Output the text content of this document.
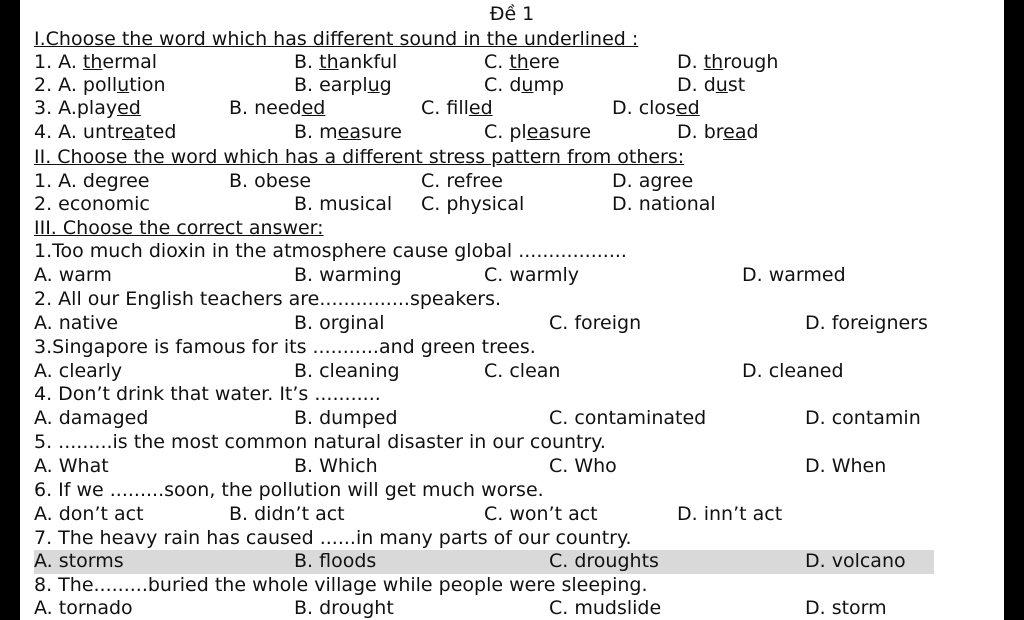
Đề 1
I.Choose the word which has different sound in the underlined :
1. A. thermal	B. thankful	C. there	D. through
2. A. pollution	B. earplug	C. dump	D. dust
3. A.played	B. needed	C. filled	D. closed
4. A. untreated	B. measure	C. pleasure	D. bread
II. Choose the word which has a different stress pattern from others:
1. A. degree	B. obese	C. refree	D. agree
2. economic	B. musical C. physical	D. national
III. Choose the correct answer:
1.Too much dioxin in the atmosphere cause global ..................
A. warm	B. warming	C. warmly	D. warmed
2. All our English teachers are...............speakers.
A. native	B. orginal	C. foreign	D. foreigners
3.Singapore is famous for its ...........and green trees.
A. clearly	B. cleaning	C. clean	D. cleaned
4. Don’t drink that water. It’s ...........
A. damaged	B. dumped	C. contaminated	D. contamin
5. .........is the most common natural disaster in our country.
A. What	B. Which	C. Who	D. When
6. If we .........soon, the pollution will get much worse.
A. don’t act	B. didn’t act	C. won’t act	D. inn’t act
7. The heavy rain has caused ......in many parts of our country.
A. storms	B. floods	C. droughts	D. volcano
8. The.........buried the whole village while people were sleeping.
A. tornado	B. drought	C. mudslide	D. storm
